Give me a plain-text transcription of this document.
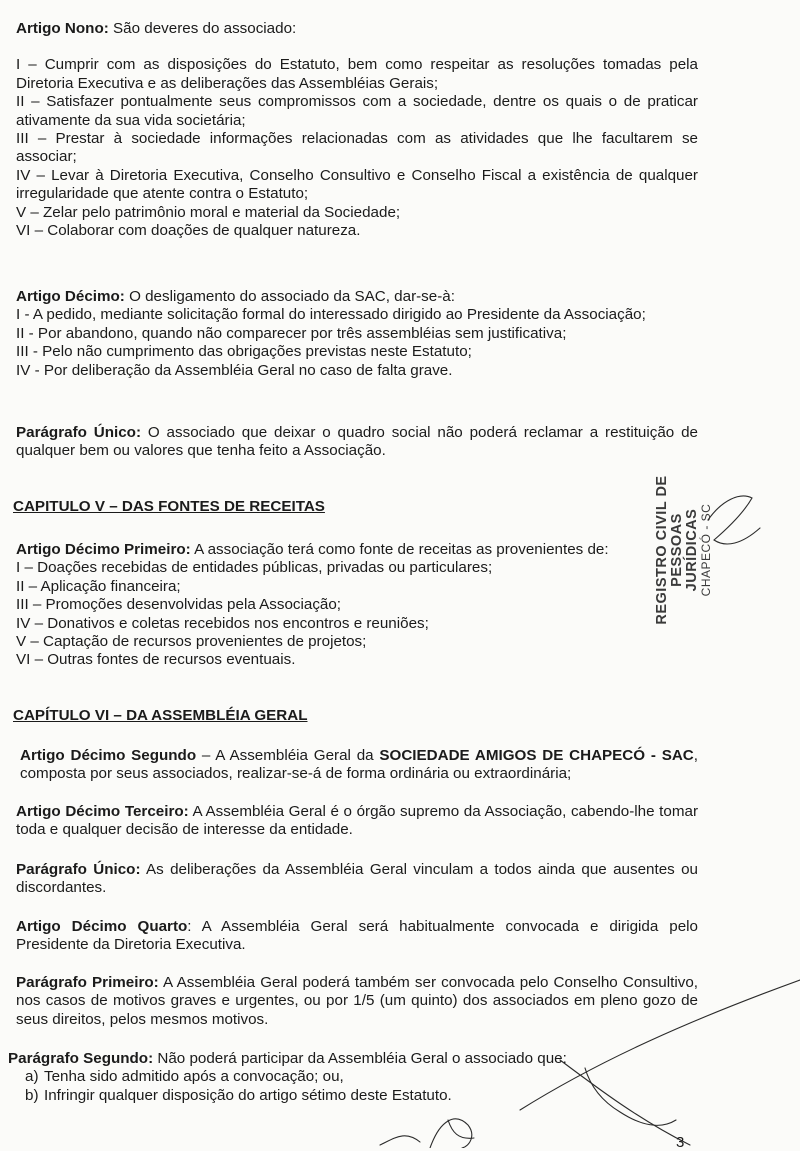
Artigo Nono: São deveres do associado:

I – Cumprir com as disposições do Estatuto, bem como respeitar as resoluções tomadas pela Diretoria Executiva e as deliberações das Assembléias Gerais;

II – Satisfazer pontualmente seus compromissos com a sociedade, dentre os quais o de praticar ativamente da sua vida societária;

III – Prestar à sociedade informações relacionadas com as atividades que lhe facultarem se associar;

IV – Levar à Diretoria Executiva, Conselho Consultivo e Conselho Fiscal a existência de qualquer irregularidade que atente contra o Estatuto;

V – Zelar pelo patrimônio moral e material da Sociedade;

VI – Colaborar com doações de qualquer natureza.

Artigo Décimo: O desligamento do associado da SAC, dar-se-à:

I - A pedido, mediante solicitação formal do interessado dirigido ao Presidente da Associação;

II - Por abandono, quando não comparecer por três assembléias sem justificativa;

III - Pelo não cumprimento das obrigações previstas neste Estatuto;

IV - Por deliberação da Assembléia Geral no caso de falta grave.

Parágrafo Único: O associado que deixar o quadro social não poderá reclamar a restituição de qualquer bem ou valores que tenha feito a Associação.

CAPITULO V – DAS FONTES DE RECEITAS

Artigo Décimo Primeiro: A associação terá como fonte de receitas as provenientes de:

I – Doações recebidas de entidades públicas, privadas ou particulares;

II – Aplicação financeira;

III – Promoções desenvolvidas pela Associação;

IV – Donativos e coletas recebidos nos encontros e reuniões;

V – Captação de recursos provenientes de projetos;

VI – Outras fontes de recursos eventuais.

CAPÍTULO VI – DA ASSEMBLÉIA GERAL

Artigo Décimo Segundo – A Assembléia Geral da SOCIEDADE AMIGOS DE CHAPECÓ - SAC, composta por seus associados, realizar-se-á de forma ordinária ou extraordinária;

Artigo Décimo Terceiro: A Assembléia Geral é o órgão supremo da Associação, cabendo-lhe tomar toda e qualquer decisão de interesse da entidade.

Parágrafo Único: As deliberações da Assembléia Geral vinculam a todos ainda que ausentes ou discordantes.

Artigo Décimo Quarto: A Assembléia Geral será habitualmente convocada e dirigida pelo Presidente da Diretoria Executiva.

Parágrafo Primeiro: A Assembléia Geral poderá também ser convocada pelo Conselho Consultivo, nos casos de motivos graves e urgentes, ou por 1/5 (um quinto) dos associados em pleno gozo de seus direitos, pelos mesmos motivos.

Parágrafo Segundo: Não poderá participar da Assembléia Geral o associado que:

a) Tenha sido admitido após a convocação; ou,
b) Infringir qualquer disposição do artigo sétimo deste Estatuto.
REGISTRO CIVIL DE PESSOAS JURÍDICAS CHAPECÓ - SC
3
